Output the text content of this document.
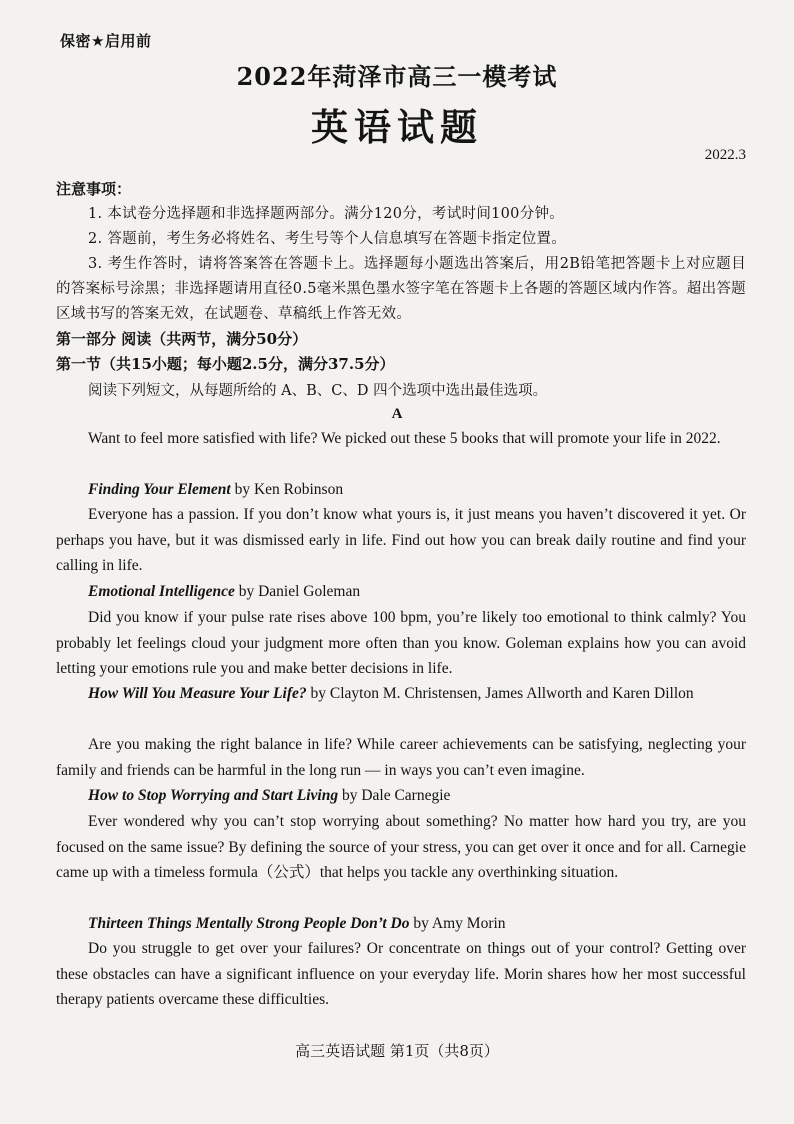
保密★启用前
2022年菏泽市高三一模考试
英语试题
2022.3
注意事项：
1. 本试卷分选择题和非选择题两部分。满分120分，考试时间100分钟。
2. 答题前，考生务必将姓名、考生号等个人信息填写在答题卡指定位置。
3. 考生作答时，请将答案答在答题卡上。选择题每小题选出答案后，用2B铅笔把答题卡上对应题目的答案标号涂黑；非选择题请用直径0.5毫米黑色墨水签字笔在答题卡上各题的答题区域内作答。超出答题区域书写的答案无效，在试题卷、草稿纸上作答无效。
第一部分 阅读（共两节，满分50分）
第一节（共15小题；每小题2.5分，满分37.5分）
阅读下列短文，从每题所给的 A、B、C、D 四个选项中选出最佳选项。
A
Want to feel more satisfied with life? We picked out these 5 books that will promote your life in 2022.
Finding Your Element by Ken Robinson
Everyone has a passion. If you don’t know what yours is, it just means you haven’t discovered it yet. Or perhaps you have, but it was dismissed early in life. Find out how you can break daily routine and find your calling in life.
Emotional Intelligence by Daniel Goleman
Did you know if your pulse rate rises above 100 bpm, you’re likely too emotional to think calmly? You probably let feelings cloud your judgment more often than you know. Goleman explains how you can avoid letting your emotions rule you and make better decisions in life.
How Will You Measure Your Life? by Clayton M. Christensen, James Allworth and Karen Dillon
Are you making the right balance in life? While career achievements can be satisfying, neglecting your family and friends can be harmful in the long run — in ways you can’t even imagine.
How to Stop Worrying and Start Living by Dale Carnegie
Ever wondered why you can’t stop worrying about something? No matter how hard you try, are you focused on the same issue? By defining the source of your stress, you can get over it once and for all. Carnegie came up with a timeless formula（公式）that helps you tackle any overthinking situation.
Thirteen Things Mentally Strong People Don’t Do by Amy Morin
Do you struggle to get over your failures? Or concentrate on things out of your control? Getting over these obstacles can have a significant influence on your everyday life. Morin shares how her most successful therapy patients overcame these difficulties.
高三英语试题 第1页（共8页）
